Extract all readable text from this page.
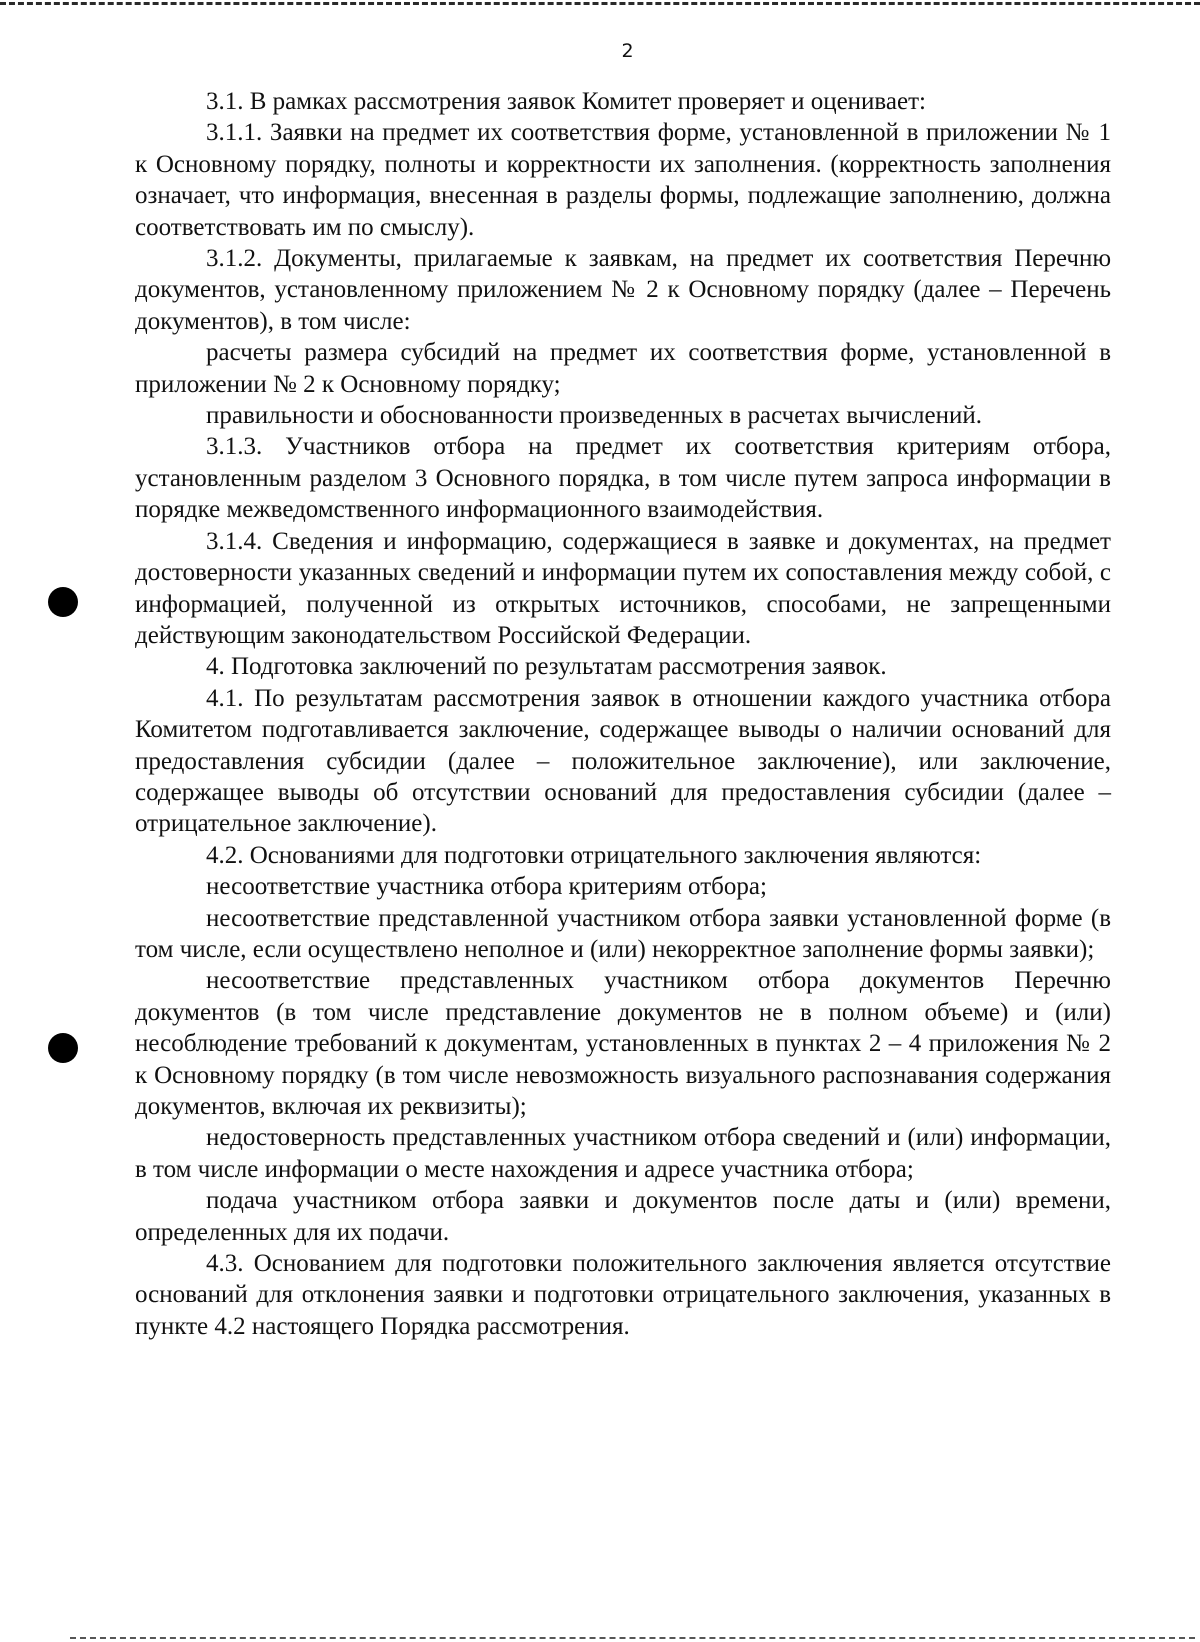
2

3.1. В рамках рассмотрения заявок Комитет проверяет и оценивает:

3.1.1. Заявки на предмет их соответствия форме, установленной в приложении № 1 к Основному порядку, полноты и корректности их заполнения. (корректность заполнения означает, что информация, внесенная в разделы формы, подлежащие заполнению, должна соответствовать им по смыслу).

3.1.2. Документы, прилагаемые к заявкам, на предмет их соответствия Перечню документов, установленному приложением № 2 к Основному порядку (далее – Перечень документов), в том числе:

расчеты размера субсидий на предмет их соответствия форме, установленной в приложении № 2 к Основному порядку;

правильности и обоснованности произведенных в расчетах вычислений.

3.1.3. Участников отбора на предмет их соответствия критериям отбора, установленным разделом 3 Основного порядка, в том числе путем запроса информации в порядке межведомственного информационного взаимодействия.

3.1.4. Сведения и информацию, содержащиеся в заявке и документах, на предмет достоверности указанных сведений и информации путем их сопоставления между собой, с информацией, полученной из открытых источников, способами, не запрещенными действующим законодательством Российской Федерации.

4. Подготовка заключений по результатам рассмотрения заявок.

4.1. По результатам рассмотрения заявок в отношении каждого участника отбора Комитетом подготавливается заключение, содержащее выводы о наличии оснований для предоставления субсидии (далее – положительное заключение), или заключение, содержащее выводы об отсутствии оснований для предоставления субсидии (далее – отрицательное заключение).

4.2. Основаниями для подготовки отрицательного заключения являются:

несоответствие участника отбора критериям отбора;

несоответствие представленной участником отбора заявки установленной форме (в том числе, если осуществлено неполное и (или) некорректное заполнение формы заявки);

несоответствие представленных участником отбора документов Перечню документов (в том числе представление документов не в полном объеме) и (или) несоблюдение требований к документам, установленных в пунктах 2 – 4 приложения № 2 к Основному порядку (в том числе невозможность визуального распознавания содержания документов, включая их реквизиты);

недостоверность представленных участником отбора сведений и (или) информации, в том числе информации о месте нахождения и адресе участника отбора;

подача участником отбора заявки и документов после даты и (или) времени, определенных для их подачи.

4.3. Основанием для подготовки положительного заключения является отсутствие оснований для отклонения заявки и подготовки отрицательного заключения, указанных в пункте 4.2 настоящего Порядка рассмотрения.
